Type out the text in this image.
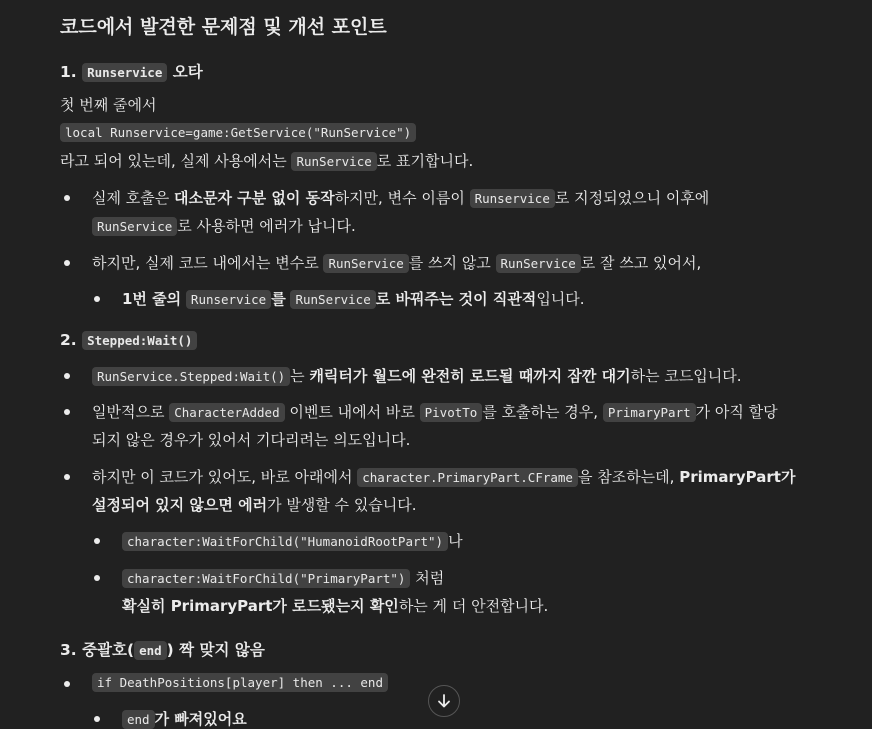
코드에서 발견한 문제점 및 개선 포인트
1. Runservice 오타
첫 번째 줄에서
local Runservice=game:GetService("RunService")
라고 되어 있는데, 실제 사용에서는 RunService 로 표기합니다.
실제 호출은 대소문자 구분 없이 동작하지만, 변수 이름이 Runservice 로 지정되었으니 이후에
RunService 로 사용하면 에러가 납니다.
하지만, 실제 코드 내에서는 변수로 RunService 를 쓰지 않고 RunService 로 잘 쓰고 있어서,
1번 줄의 Runservice 를 RunService 로 바꿔주는 것이 직관적입니다.
2. Stepped:Wait()
RunService.Stepped:Wait() 는 캐릭터가 월드에 완전히 로드될 때까지 잠깐 대기하는 코드입니다.
일반적으로 CharacterAdded 이벤트 내에서 바로 PivotTo 를 호출하는 경우, PrimaryPart 가 아직 할당
되지 않은 경우가 있어서 기다리려는 의도입니다.
하지만 이 코드가 있어도, 바로 아래에서 character.PrimaryPart.CFrame 을 참조하는데, PrimaryPart가
설정되어 있지 않으면 에러가 발생할 수 있습니다.
character:WaitForChild("HumanoidRootPart") 나
character:WaitForChild("PrimaryPart") 처럼
확실히 PrimaryPart가 로드됐는지 확인하는 게 더 안전합니다.
3. 중괄호( end ) 짝 맞지 않음
if DeathPositions[player] then ... end
end 가 빠져있어요
